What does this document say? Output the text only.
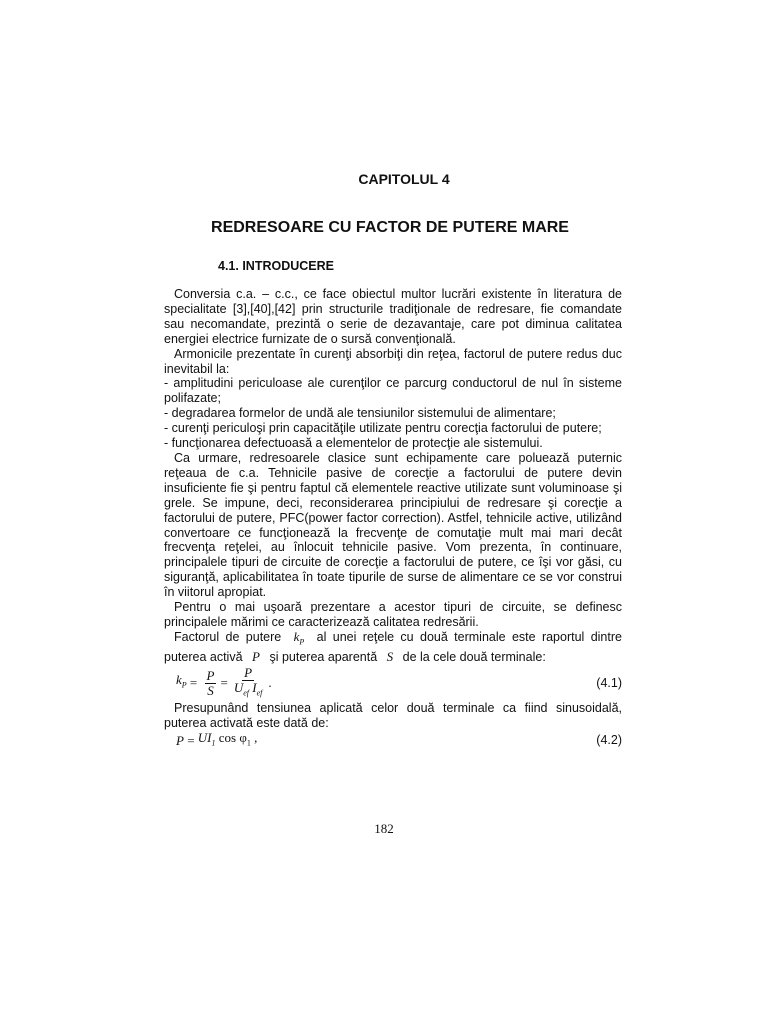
CAPITOLUL 4
REDRESOARE CU FACTOR DE PUTERE MARE
4.1. INTRODUCERE

Conversia c.a. – c.c., ce face obiectul multor lucrări existente în literatura de specialitate [3],[40],[42] prin structurile tradiţionale de redresare, fie comandate sau necomandate, prezintă o serie de dezavantaje, care pot diminua calitatea energiei electrice furnizate de o sursă convenţională.

Armonicile prezentate în curenţi absorbiţi din reţea, factorul de putere redus duc inevitabil la:

- amplitudini periculoase ale curenţilor ce parcurg conductorul de nul în sisteme polifazate;

- degradarea formelor de undă ale tensiunilor sistemului de alimentare;

- curenţi periculoşi prin capacităţile utilizate pentru corecţia factorului de putere;

- funcţionarea defectuoasă a elementelor de protecţie ale sistemului.

Ca urmare, redresoarele clasice sunt echipamente care poluează puternic reţeaua de c.a. Tehnicile pasive de corecţie a factorului de putere devin insuficiente fie şi pentru faptul că elementele reactive utilizate sunt voluminoase şi grele. Se impune, deci, reconsiderarea principiului de redresare şi corecţie a factorului de putere, PFC(power factor correction). Astfel, tehnicile active, utilizând convertoare ce funcţionează la frecvenţe de comutaţie mult mai mari decât frecvenţa reţelei, au înlocuit tehnicile pasive. Vom prezenta, în continuare, principalele tipuri de circuite de corecţie a factorului de putere, ce îşi vor găsi, cu siguranţă, aplicabilitatea în toate tipurile de surse de alimentare ce se vor construi în viitorul apropiat.

Pentru o mai uşoară prezentare a acestor tipuri de circuite, se definesc principalele mărimi ce caracterizează calitatea redresării.

Factorul de putere $k_P$ al unei reţele cu două terminale este raportul dintre puterea activă P şi puterea aparentă S de la cele două terminale:

$k_P = \frac{P}{S} = \frac{P}{U_{ef} I_{ef}}$ .	(4.1)

Presupunând tensiunea aplicată celor două terminale ca fiind sinusoidală, puterea activată este dată de:

$P = UI_1$ $\cos \varphi_1$ ,	(4.2)
182
